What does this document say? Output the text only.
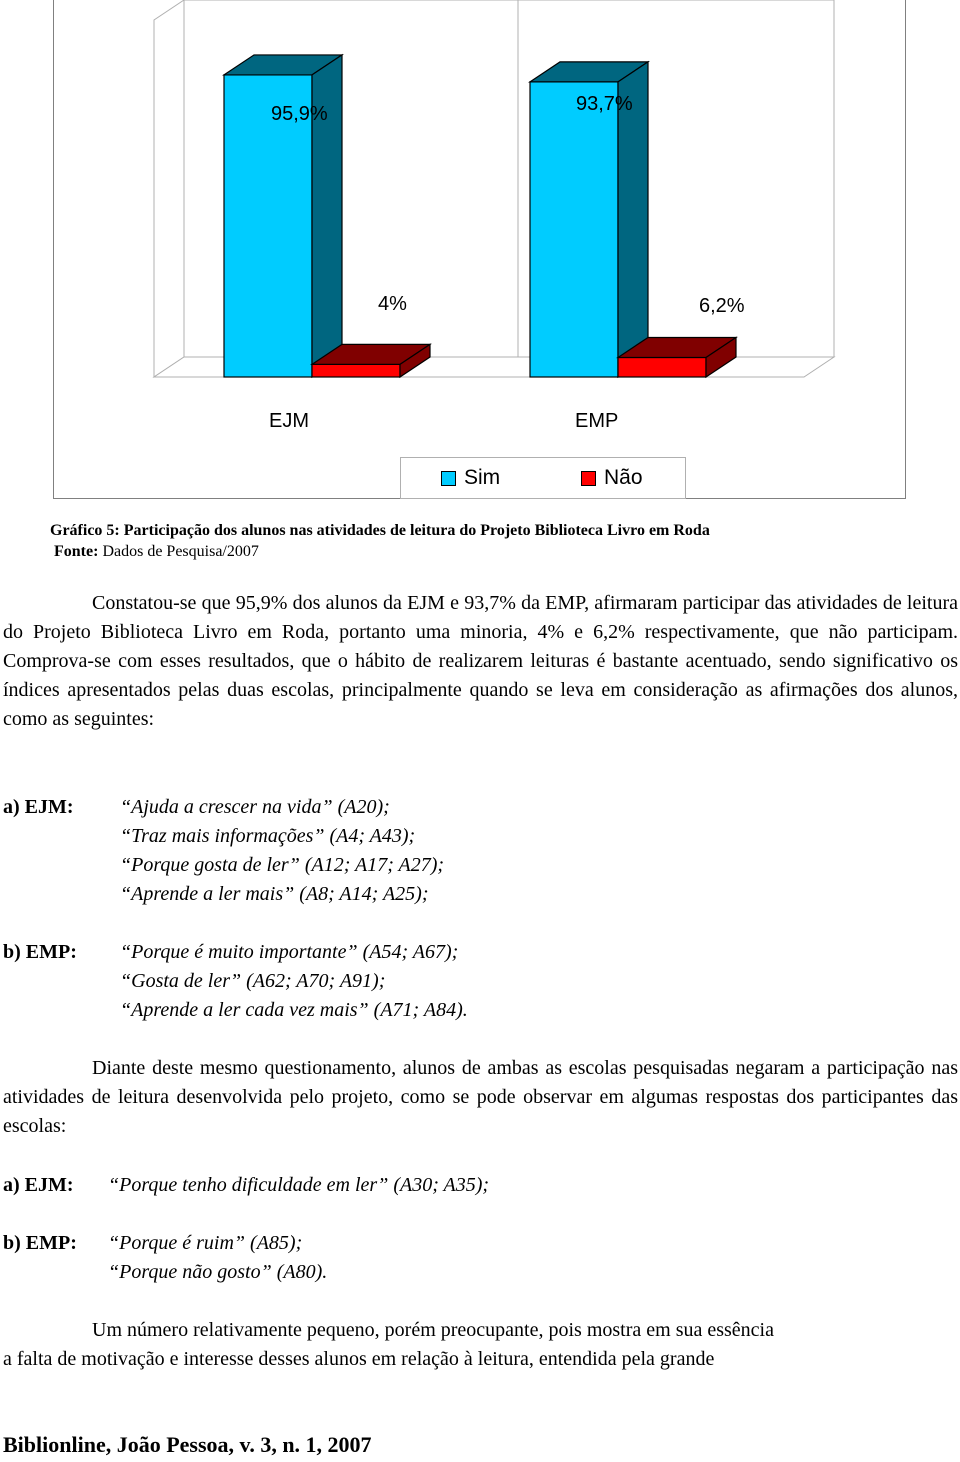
95,9%
4%
EJM
93,7%
6,2%
EMP
Sim	Não
Gráfico 5: Participação dos alunos nas atividades de leitura do Projeto Biblioteca Livro em Roda
Fonte: Dados de Pesquisa/2007

Constatou-se que 95,9% dos alunos da EJM e 93,7% da EMP, afirmaram participar das atividades de leitura do Projeto Biblioteca Livro em Roda, portanto uma minoria, 4% e 6,2% respectivamente, que não participam. Comprova-se com esses resultados, que o hábito de realizarem leituras é bastante acentuado, sendo significativo os índices apresentados pelas duas escolas, principalmente quando se leva em consideração as afirmações dos alunos, como as seguintes:

a) EJM: “Ajuda a crescer na vida” (A20);
“Traz mais informações” (A4; A43);
“Porque gosta de ler” (A12; A17; A27);
“Aprende a ler mais” (A8; A14; A25);
b) EMP: “Porque é muito importante” (A54; A67);
“Gosta de ler” (A62; A70; A91);
“Aprende a ler cada vez mais” (A71; A84).

Diante deste mesmo questionamento, alunos de ambas as escolas pesquisadas negaram a participação nas atividades de leitura desenvolvida pelo projeto, como se pode observar em algumas respostas dos participantes das escolas:

a) EJM: “Porque tenho dificuldade em ler” (A30; A35);
b) EMP: “Porque é ruim” (A85);
“Porque não gosto” (A80).
Um número relativamente pequeno, porém preocupante, pois mostra em sua essência
a falta de motivação e interesse desses alunos em relação à leitura, entendida pela grande
Biblionline, João Pessoa, v. 3, n. 1, 2007
